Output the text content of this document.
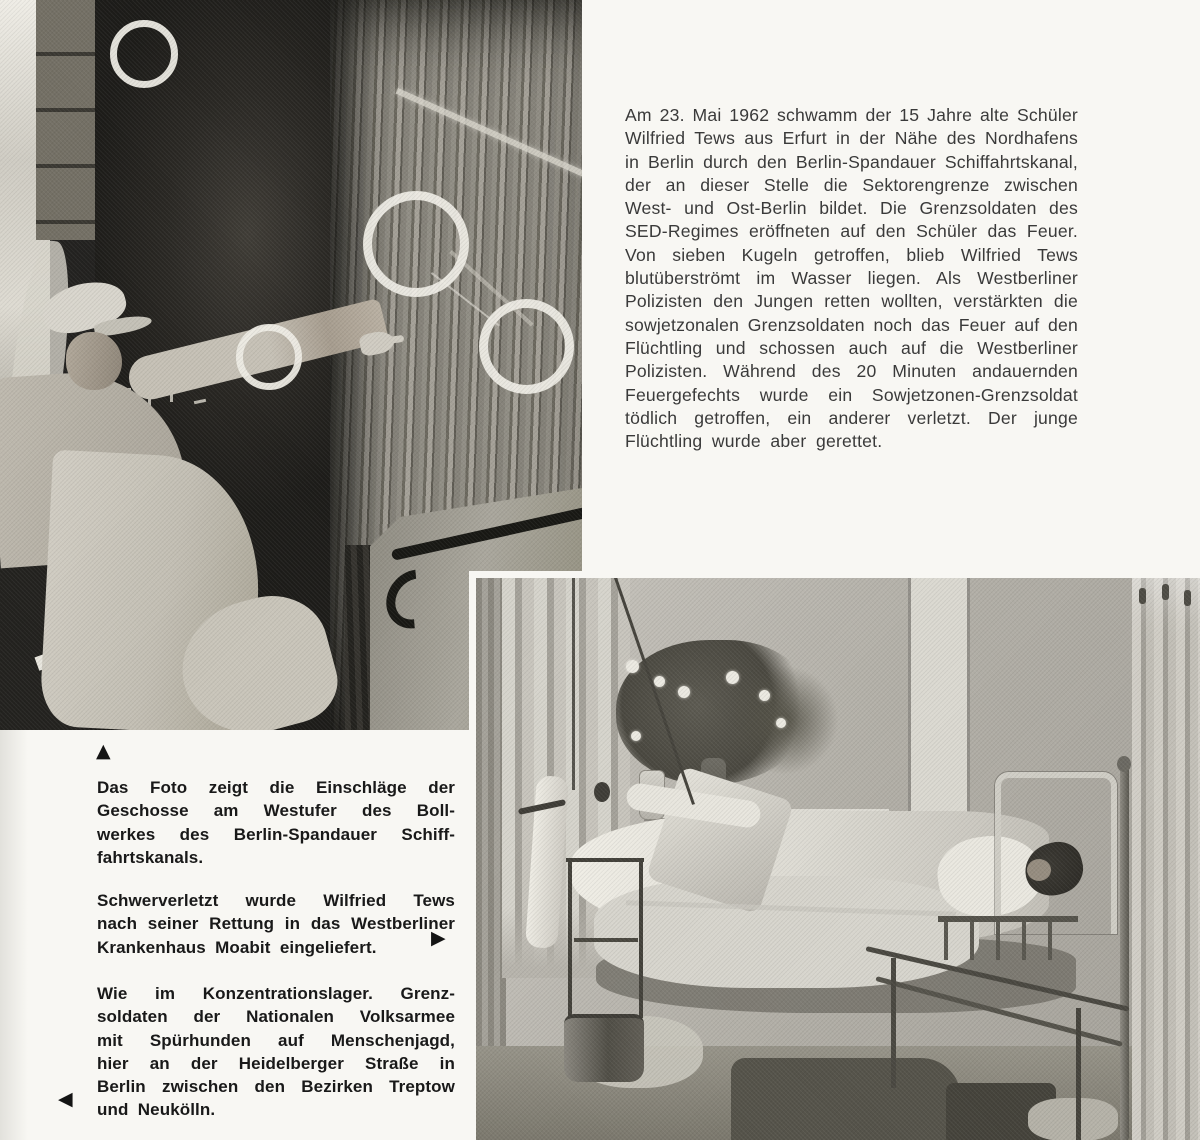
Am 23. Mai 1962 schwamm der 15 Jahre alte Schüler
Wilfried Tews aus Erfurt in der Nähe des Nordhafens
in Berlin durch den Berlin-Spandauer Schiffahrtskanal,
der an dieser Stelle die Sektorengrenze zwischen
West- und Ost-Berlin bildet. Die Grenzsoldaten des
SED-Regimes eröffneten auf den Schüler das Feuer.
Von sieben Kugeln getroffen, blieb Wilfried Tews
blutüberströmt im Wasser liegen. Als Westberliner
Polizisten den Jungen retten wollten, verstärkten die
sowjetzonalen Grenzsoldaten noch das Feuer auf den
Flüchtling und schossen auch auf die Westberliner
Polizisten. Während des 20 Minuten andauernden
Feuergefechts wurde ein Sowjetzonen-Grenzsoldat
tödlich getroffen, ein anderer verletzt. Der junge
Flüchtling wurde aber gerettet.
▲
Das Foto zeigt die Einschläge der
Geschosse am Westufer des Boll-
werkes des Berlin-Spandauer Schiff-
fahrtskanals.
Schwerverletzt wurde Wilfried Tews
nach seiner Rettung in das Westberliner
Krankenhaus Moabit eingeliefert.	▶
Wie im Konzentrationslager. Grenz-
soldaten der Nationalen Volksarmee
mit Spürhunden auf Menschenjagd,
hier an der Heidelberger Straße in
Berlin zwischen den Bezirken Treptow
und Neukölln.
◀
